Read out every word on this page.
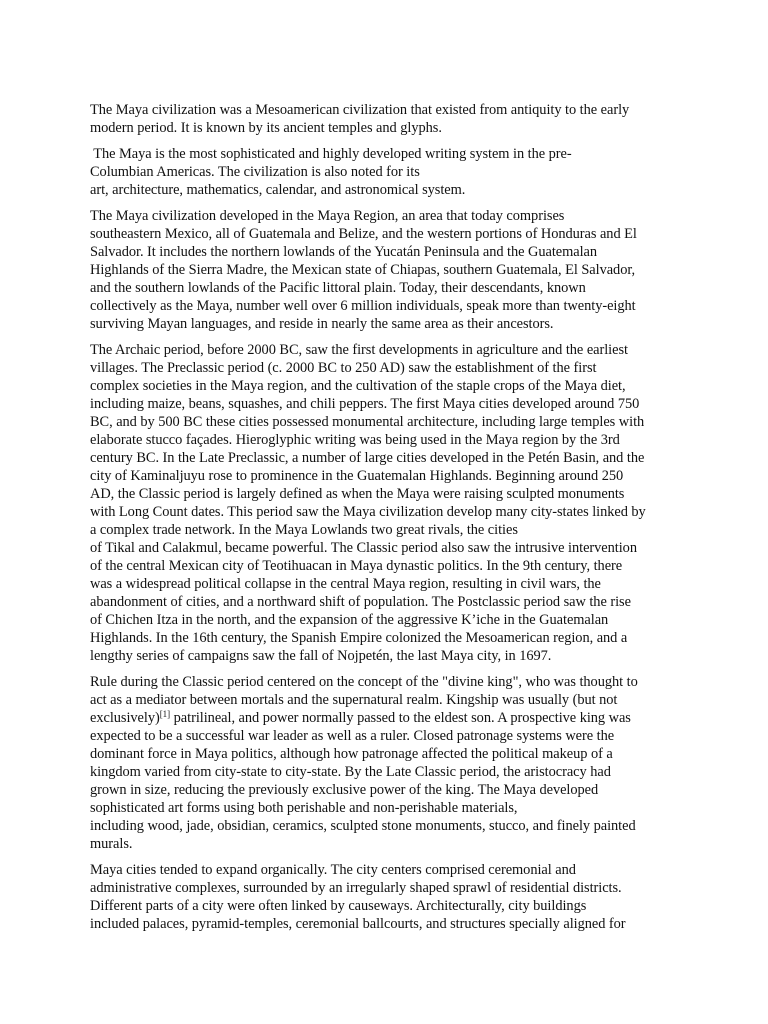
The Maya civilization was a Mesoamerican civilization that existed from antiquity to the early
modern period. It is known by its ancient temples and glyphs.
The Maya is the most sophisticated and highly developed writing system in the pre-
Columbian Americas. The civilization is also noted for its
art, architecture, mathematics, calendar, and astronomical system.
The Maya civilization developed in the Maya Region, an area that today comprises
southeastern Mexico, all of Guatemala and Belize, and the western portions of Honduras and El
Salvador. It includes the northern lowlands of the Yucatán Peninsula and the Guatemalan
Highlands of the Sierra Madre, the Mexican state of Chiapas, southern Guatemala, El Salvador,
and the southern lowlands of the Pacific littoral plain. Today, their descendants, known
collectively as the Maya, number well over 6 million individuals, speak more than twenty-eight
surviving Mayan languages, and reside in nearly the same area as their ancestors.
The Archaic period, before 2000 BC, saw the first developments in agriculture and the earliest
villages. The Preclassic period (c. 2000 BC to 250 AD) saw the establishment of the first
complex societies in the Maya region, and the cultivation of the staple crops of the Maya diet,
including maize, beans, squashes, and chili peppers. The first Maya cities developed around 750
BC, and by 500 BC these cities possessed monumental architecture, including large temples with
elaborate stucco façades. Hieroglyphic writing was being used in the Maya region by the 3rd
century BC. In the Late Preclassic, a number of large cities developed in the Petén Basin, and the
city of Kaminaljuyu rose to prominence in the Guatemalan Highlands. Beginning around 250
AD, the Classic period is largely defined as when the Maya were raising sculpted monuments
with Long Count dates. This period saw the Maya civilization develop many city-states linked by
a complex trade network. In the Maya Lowlands two great rivals, the cities
of Tikal and Calakmul, became powerful. The Classic period also saw the intrusive intervention
of the central Mexican city of Teotihuacan in Maya dynastic politics. In the 9th century, there
was a widespread political collapse in the central Maya region, resulting in civil wars, the
abandonment of cities, and a northward shift of population. The Postclassic period saw the rise
of Chichen Itza in the north, and the expansion of the aggressive K’iche in the Guatemalan
Highlands. In the 16th century, the Spanish Empire colonized the Mesoamerican region, and a
lengthy series of campaigns saw the fall of Nojpetén, the last Maya city, in 1697.
Rule during the Classic period centered on the concept of the "divine king", who was thought to
act as a mediator between mortals and the supernatural realm. Kingship was usually (but not
exclusively)[1] patrilineal, and power normally passed to the eldest son. A prospective king was
expected to be a successful war leader as well as a ruler. Closed patronage systems were the
dominant force in Maya politics, although how patronage affected the political makeup of a
kingdom varied from city-state to city-state. By the Late Classic period, the aristocracy had
grown in size, reducing the previously exclusive power of the king. The Maya developed
sophisticated art forms using both perishable and non-perishable materials,
including wood, jade, obsidian, ceramics, sculpted stone monuments, stucco, and finely painted
murals.
Maya cities tended to expand organically. The city centers comprised ceremonial and
administrative complexes, surrounded by an irregularly shaped sprawl of residential districts.
Different parts of a city were often linked by causeways. Architecturally, city buildings
included palaces, pyramid-temples, ceremonial ballcourts, and structures specially aligned for
